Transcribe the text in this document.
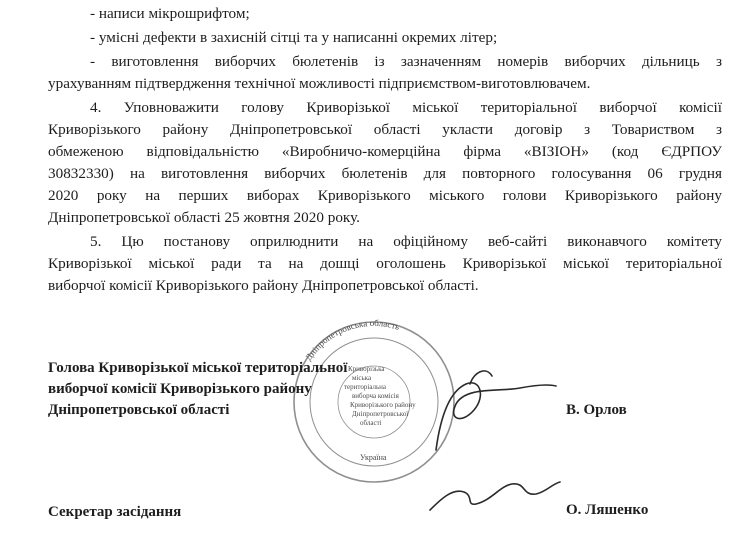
- написи мікрошрифтом;
- уміснi дефекти в захисній сітці та у написанні окремих літер;
- виготовлення виборчих бюлетенів із зазначенням номерів виборчих дільниць з
урахуванням підтвердження технічної можливості підприємством-виготовлювачем.
4. Уповноважити голову Криворізької міської територіальної виборчої комісії
Криворізького району Дніпропетровської області укласти договір з Товариством з
обмеженою відповідальністю «Виробничо-комерційна фірма «ВІЗІОН» (код ЄДРПОУ
30832330) на виготовлення виборчих бюлетенів для повторного голосування 06 грудня
2020 року на перших виборах Криворізького міського голови Криворізького району
Дніпропетровської області 25 жовтня 2020 року.
5. Цю постанову оприлюднити на офіційному веб-сайті виконавчого комітету
Криворізької міської ради та на дошці оголошень Криворізької міської територіальної
виборчої комісії Криворізького району Дніпропетровської області.
Дніпропетровська область
Криворізька
міська
територіальна
виборча комісія
Криворізького району
Дніпропетровської
області
Україна
Голова Криворізької міської територіальної
виборчої комісії Криворізького району
Дніпропетровської області	В. Орлов
Секретар засідання	О. Ляшенко
